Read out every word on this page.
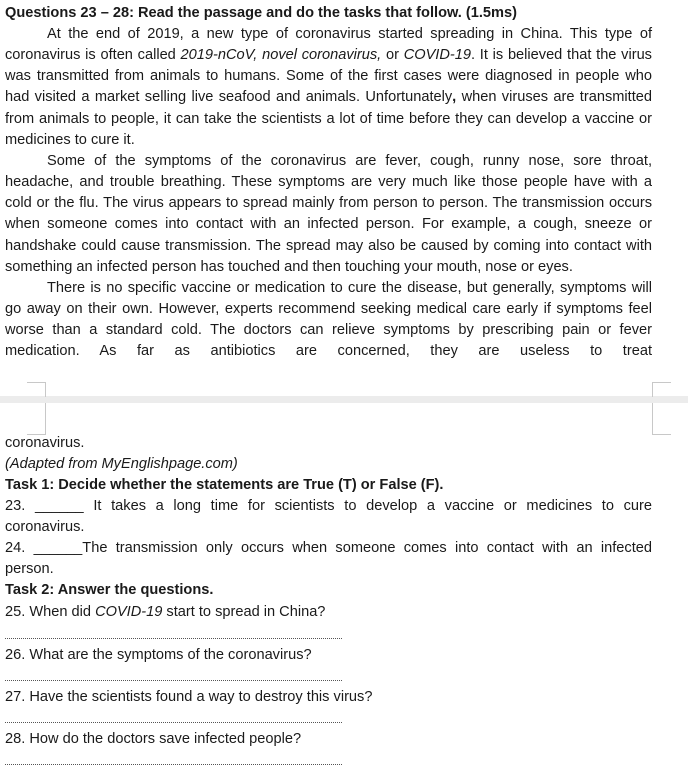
Questions 23 – 28: Read the passage and do the tasks that follow. (1.5ms)

At the end of 2019, a new type of coronavirus started spreading in China. This type of coronavirus is often called 2019-nCoV, novel coronavirus, or COVID-19. It is believed that the virus was transmitted from animals to humans. Some of the first cases were diagnosed in people who had visited a market selling live seafood and animals. Unfortunately, when viruses are transmitted from animals to people, it can take the scientists a lot of time before they can develop a vaccine or medicines to cure it.

Some of the symptoms of the coronavirus are fever, cough, runny nose, sore throat, headache, and trouble breathing. These symptoms are very much like those people have with a cold or the flu. The virus appears to spread mainly from person to person. The transmission occurs when someone comes into contact with an infected person. For example, a cough, sneeze or handshake could cause transmission. The spread may also be caused by coming into contact with something an infected person has touched and then touching your mouth, nose or eyes.

There is no specific vaccine or medication to cure the disease, but generally, symptoms will go away on their own. However, experts recommend seeking medical care early if symptoms feel worse than a standard cold. The doctors can relieve symptoms by prescribing pain or fever medication. As far as antibiotics are concerned, they are useless to treat

coronavirus.
(Adapted from MyEnglishpage.com)
Task 1: Decide whether the statements are True (T) or False (F).
23. ______ It takes a long time for scientists to develop a vaccine or medicines to cure
coronavirus.
24. ______The transmission only occurs when someone comes into contact with an infected
person.
Task 2: Answer the questions.
25. When did COVID-19 start to spread in China?
26. What are the symptoms of the coronavirus?
27. Have the scientists found a way to destroy this virus?
28. How do the doctors save infected people?
